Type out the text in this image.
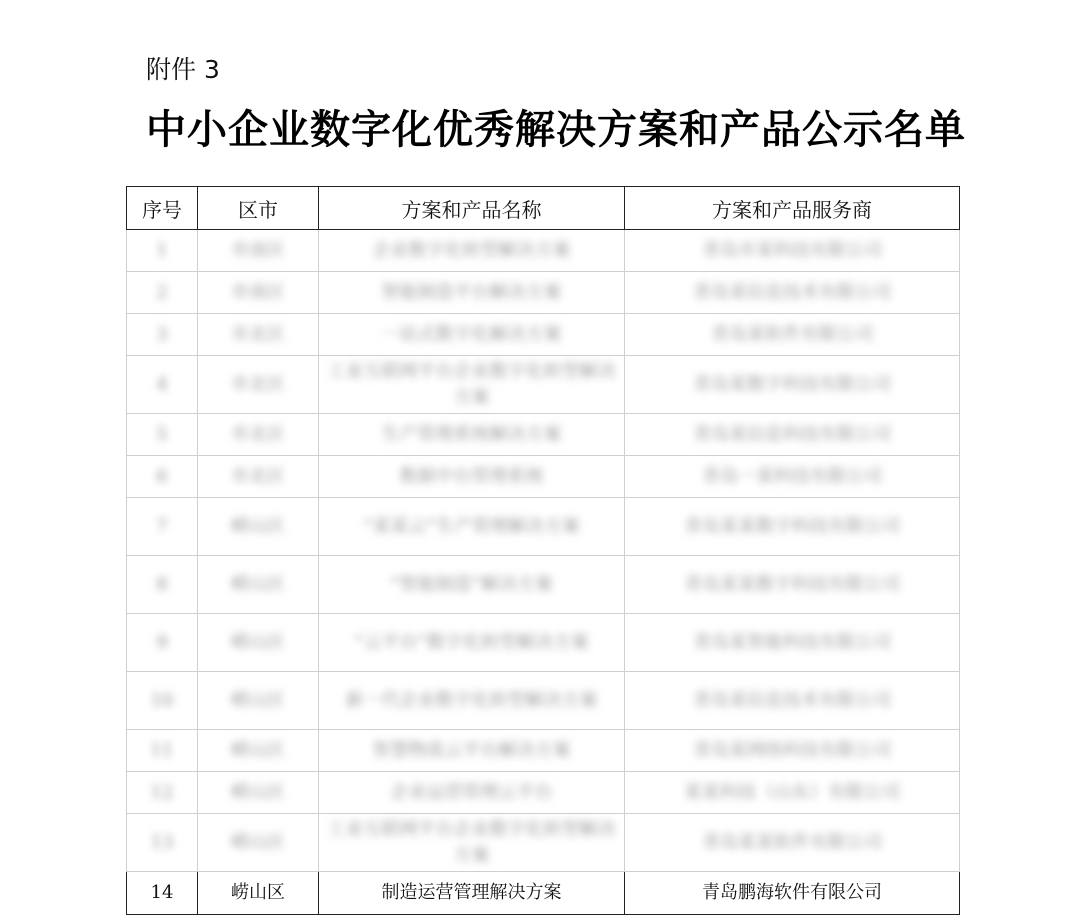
附件 3
中小企业数字化优秀解决方案和产品公示名单
序号	区市	方案和产品名称	方案和产品服务商
1	市南区	企业数字化转型解决方案	青岛市某科技有限公司
2	市南区	智能制造平台解决方案	青岛某信息技术有限公司
3	市北区	一站式数字化解决方案	青岛某软件有限公司
4	市北区	工业互联网平台企业数字化转型解决方案	青岛某数字科技有限公司
5	市北区	生产管理系统解决方案	青岛某信息科技有限公司
6	市北区	数据中台管理系统	青岛一某科技有限公司
7	崂山区	“某某云”生产管理解决方案	青岛某某数字科技有限公司
8	崂山区	“智能制造”解决方案	青岛某某数字科技有限公司
9	崂山区	“云平台”数字化转型解决方案	青岛某智能科技有限公司
10	崂山区	新一代企业数字化转型解决方案	青岛某信息技术有限公司
11	崂山区	智慧物流云平台解决方案	青岛某网络科技有限公司
12	崂山区	企业运营管理云平台	某某科技（山东）有限公司
13	崂山区	工业互联网平台企业数字化转型解决方案	青岛某某软件有限公司
14	崂山区	制造运营管理解决方案	青岛鹏海软件有限公司
